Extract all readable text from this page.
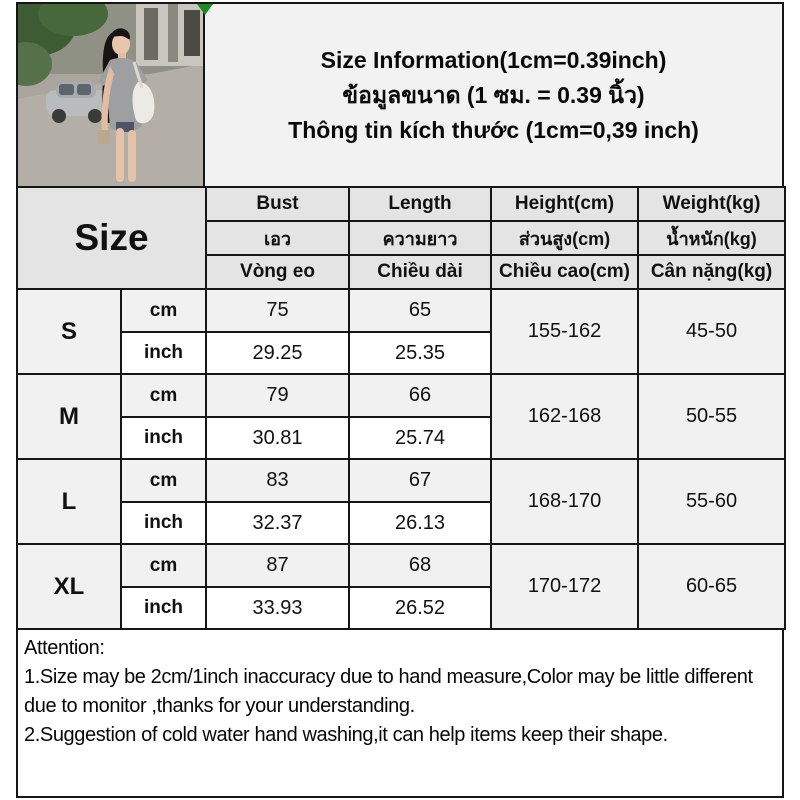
Size Information(1cm=0.39inch)
ข้อมูลขนาด (1 ซม. = 0.39 นิ้ว)
Thông tin kích thước (1cm=0,39 inch)
Size		Bust	Length	Height(cm)	Weight(kg)
		เอว	ความยาว	ส่วนสูง(cm)	น้ำหนัก(kg)
		Vòng eo	Chiều dài	Chiều cao(cm)	Cân nặng(kg)
S	cm	75	65	155-162	45-50
	inch	29.25	25.35		
M	cm	79	66	162-168	50-55
	inch	30.81	25.74		
L	cm	83	67	168-170	55-60
	inch	32.37	26.13		
XL	cm	87	68	170-172	60-65
	inch	33.93	26.52		

Attention:

1.Size may be 2cm/1inch inaccuracy due to hand measure,Color may be little different due to monitor ,thanks for your understanding.

2.Suggestion of cold water hand washing,it can help items keep their shape.
